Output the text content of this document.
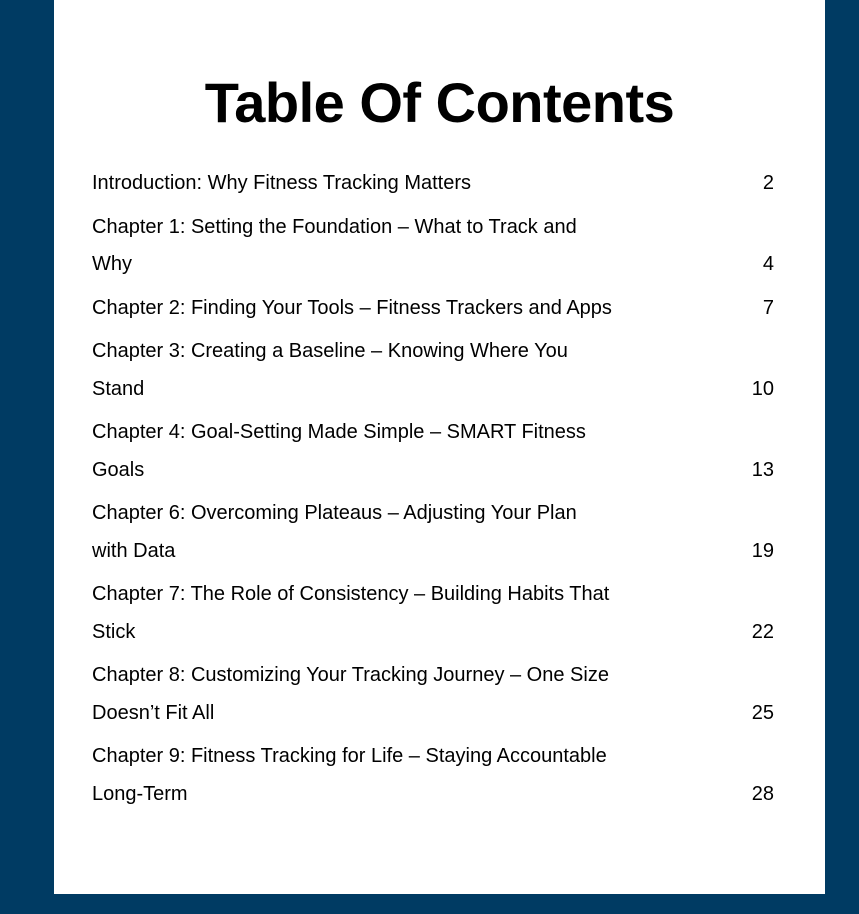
Table Of Contents
Introduction: Why Fitness Tracking Matters	2
Chapter 1: Setting the Foundation – What to Track and Why	4
Chapter 2: Finding Your Tools – Fitness Trackers and Apps	7
Chapter 3: Creating a Baseline – Knowing Where You Stand	10
Chapter 4: Goal-Setting Made Simple – SMART Fitness Goals	13
Chapter 6: Overcoming Plateaus – Adjusting Your Plan with Data	19
Chapter 7: The Role of Consistency – Building Habits That Stick	22
Chapter 8: Customizing Your Tracking Journey – One Size Doesn’t Fit All	25
Chapter 9: Fitness Tracking for Life – Staying Accountable Long-Term	28
